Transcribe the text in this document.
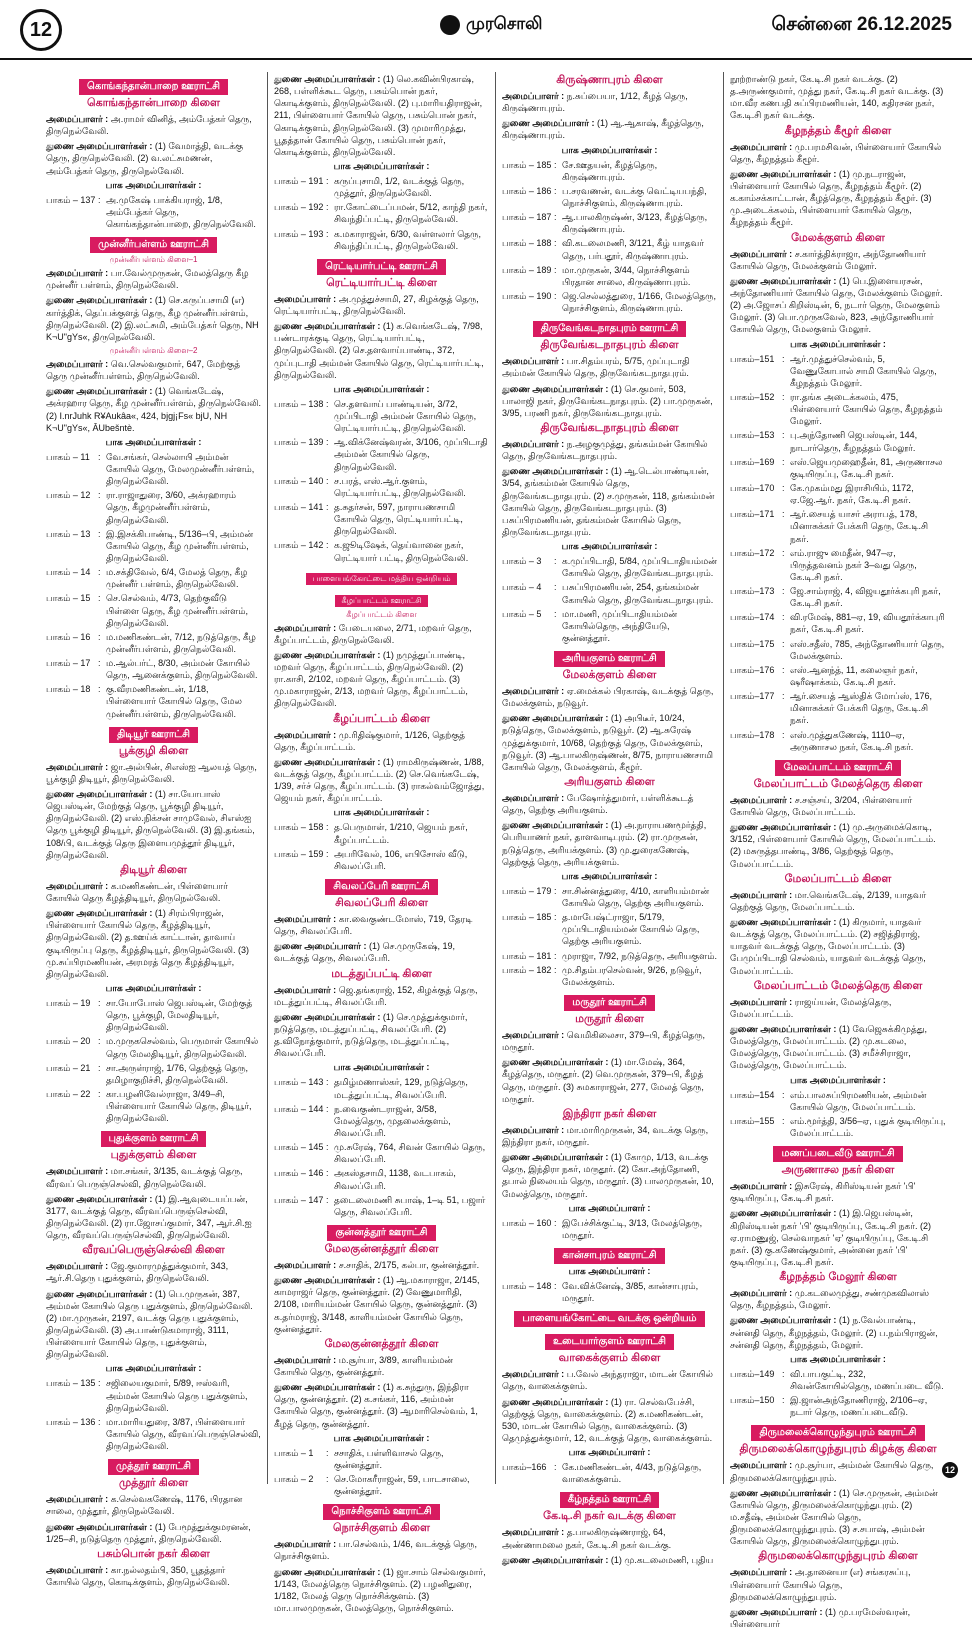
12	முரசொலி	சென்னை 26.12.2025
கொங்கந்தான்பாறை ஊராட்சி
கொங்கந்தான்பாறை கிளை
அமைப்பாளர் : அ.ராமர் வினித், அம்பேத்கர் தெரு, திருநெல்வேலி.
துணை அமைப்பாளர்கள் : (1) வேமாத்தி, வடக்கு தெரு, திருநெல்வேலி. (2) வ.லட்சுமணன், அம்பேத்கர் தெரு, திருநெல்வேலி.
பாக அமைப்பாளர்கள் :
பாகம் – 137 : அ.முகேஷ் பாக்கியராஜ், 1/8, அம்பேத்கர் தெரு, கொங்கந்தான்பாறை, திருநெல்வேலி.
முன்னீர்பள்ளம் ஊராட்சி
முன்னீர்பள்ளம் கிளை–1
அமைப்பாளர் : பா.வேல்முருகன், மேலத்தெரு கீழ முன்னீர் பள்ளம், திருநெல்வேலி.
துணை அமைப்பாளர்கள் : (1) செ.கருப்பசாமி (எ) கார்த்திக், தெப்பக்குளத் தெரு, கீழ முன்னீர்பள்ளம், திருநெல்வேலி. (2) இ.லட்சுமி, அம்பேத்கர் தெரு, NH K¬U"gYs«, திருநெல்வேலி.
முன்னீர்பள்ளம் கிளை–2
அமைப்பாளர் : வெ.செல்வகுமார், 647, மேற்குத் தெரு முன்னீர்பள்ளம், திருநெல்வேலி.
துணை அமைப்பாளர்கள் : (1) வெங்கடேஷ், அக்ரஹார தெரு, கீழ முன்னீர்பள்ளம், திருநெல்வேலி. (2) I.nrJuhk R¥Aukâa«, 424, bjgj¡Fs« bjU, NH K¬U"gYs«, ÂUbešntè.
பாக அமைப்பாளர்கள் :
பாகம் – 11 : வே.சங்கர், செல்லாயி அம்மன் கோயில் தெரு, மேலமுன்னீர்பள்ளம், திருநெல்வேலி.
பாகம் – 12 : ரா.ராஜாதுரை, 3/60, அக்ரஹாரம் தெரு, கீழமுன்னீர்பள்ளம், திருநெல்வேலி.
பாகம் – 13 : இ.இசக்கிபாண்டி, 5/136–பி, அம்மன் கோயில் தெரு, கீழ முன்னீர்பள்ளம், திருநெல்வேலி.
பாகம் – 14 : ம.சக்திவேல், 6/4, மேலத் தெரு, கீழ முன்னீர் பள்ளம், திருநெல்வேலி.
பாகம் – 15 : செ.செல்வம், 4/73, தெற்குவீடு பிள்ளை தெரு, கீழ முன்னீர்பள்ளம், திருநெல்வேலி.
பாகம் – 16 : ம.மணிகண்டன், 7/12, நடுத்தெரு, கீழ முன்னீர்பள்ளம், திருநெல்வேலி.
பாகம் – 17 : ம.ஆல்பர்ட், 8/30, அம்மன் கோயில் தெரு, ஆனைக்குளம், திருநெல்வேலி.
பாகம் – 18 : கு.வீரமணிகண்டன், 1/18, பிள்ளையார் கோயில் தெரு, மேல முன்னீர்பள்ளம், திருநெல்வேலி.
திடியூர் ஊராட்சி
பூக்குழி கிளை
அமைப்பாளர் : ஜா.அல்பின், சிஎஸ்ஐ ஆலயத் தெரு, பூக்குழி திடியூர், திருநெல்வேலி.
துணை அமைப்பாளர்கள் : (1) சா.யோபாஸ் ஜெபஸ்டின், மேற்குத் தெரு, பூக்குழி திடியூர், திருநெல்வேலி. (2) எஸ்.நிக்சன் சாமுவேல், சிஎஸ்ஐ தெரு பூக்குழி திடியூர், திருநெல்வேலி. (3) இ.தங்கம், 108/பி, வடக்குத் தெரு இளையமுத்தூர் திடியூர், திருநெல்வேலி.
திடியூர் கிளை
அமைப்பாளர் : க.மணிகண்டன், பிள்ளையார் கோயில் தெரு கீழத்திடியூர், திருநெல்வேலி.
துணை அமைப்பாளர்கள் : (1) சிரம்பிராஜன், பிள்ளையார் கோயில் தெரு, கீழத்திடியூர், திருநெல்வேலி. (2) த.ஊய்க் காட்டான், தாவாய் குடியிருப்பு தெரு, கீழத்திடியூர், திருநெல்வேலி. (3) மு.சுப்பிரமணியன், அரமரத் தெரு கீழத்திடியூர், திருநெல்வேலி.
பாக அமைப்பாளர்கள் :
பாகம் – 19 : சா.யோபோஸ் ஜெபஸ்டின், மேற்குத் தெரு, பூக்குழி, மேலதிடியூர், திருநெல்வேலி.
பாகம் – 20 : ம.முருகசெல்வம், பெருமாள் கோயில் தெரு மேலதிடியூர், திருநெல்வேலி.
பாகம் – 21 : சா.அருள்ராஜ், 1/76, தெற்குத் தெரு, தமிழாகுறிச்சி, திருநெல்வேலி.
பாகம் – 22 : கா.பழனிவேல்ராஜா, 3/49–சி, பிள்ளையார் கோயில் தெரு, திடியூர், திருநெல்வேலி.
புதுக்குளம் ஊராட்சி
புதுக்குளம் கிளை
அமைப்பாளர் : மா.சங்கர், 3/135, வடக்குத் தெரு, வீரவப் பெருஞ்செல்வி, திருநெல்வேலி.
துணை அமைப்பாளர்கள் : (1) இ.ஆவுடையப்பன், 3177, வடக்குத் தெரு, வீரவப்பெருஞ்செல்வி, திருநெல்வேலி. (2) ரா.ஜோசப்குமார், 347, ஆர்.சி.ஐ தெரு, வீரவப்பெருஞ்செல்வி, திருநெல்வேலி.
வீரவப்பெருஞ்செல்வி கிளை
அமைப்பாளர் : ஜே.குமாரமுத்துக்குமார், 343, ஆர்.சி.தெரு புதுக்குளம், திருநெல்வேலி.
துணை அமைப்பாளர்கள் : (1) பெ.முருகன், 387, அம்மன் கோயில் தெரு புதுக்குளம், திருநெல்வேலி. (2) மா.முருகன், 2197, வடக்கு தெரு புதுக்குளம், திருநெல்வேலி. (3) அ.பாண்டுகமாராஜ், 3111, பிள்ளையார் கோயில் தெரு, புதுக்குளம், திருநெல்வேலி.
பாக அமைப்பாளர்கள் :
பாகம் – 135 : சஜிலையகுமார், 5/89, ஈஸ்வரி, அம்மன் கோயில் தெரு புதுக்குளம், திருநெல்வேலி.
பாகம் – 136 : மா.மாரியதுரை, 3/87, பிள்ளையார் கோயில் தெரு, வீரவப்பெருஞ்செல்வி, திருநெல்வேலி.
முத்தூர் ஊராட்சி
முத்தூர் கிளை
அமைப்பாளர் : க.செல்வகணேஷ், 1176, பிரதான சாலை, முத்தூர், திருநெல்வேலி.
துணை அமைப்பாளர்கள் : (1) பேமூத்துக்குமரனன், 1/25–சி, நடுத்தெரு முத்தூர், திருநெல்வேலி.
பசும்பொன் நகர் கிளை
அமைப்பாளர் : கா.நல்லதம்பி, 350, பூதத்தார் கோயில் தெரு, கொடிக்குளம், திருநெல்வேலி.
துணை அமைப்பாளர்கள் : (1) லெ.கவின்பிரகாஷ், 268, பள்ளிக்கூட தெரு, பசும்பொன் நகர், கொடிக்குளம், திருநெல்வேலி. (2) பு.மாரியதிராஜன், 211, பிள்ளையார் கோயில் தெரு, பசும்பொன் நகர், கொடிக்குளம், திருநெல்வேலி. (3) முமாரிமுத்து, பூதத்தான் கோயில் தெரு, பசும்பொன் நகர், கொடிக்குளம், திருநெல்வேலி.
பாக அமைப்பாளர்கள் :
பாகம் – 191 : கருப்புசாமி, 1/2, வடக்குத் தெரு, முத்தூர், திருநெல்வேலி.
பாகம் – 192 : ரா.கோட்டைப்பமன், 5/12, காந்தி நகர், சிவந்திப்பட்டி, திருநெல்வேலி.
பாகம் – 193 : க.மகாராஜன், 6/30, வள்ளலார் தெரு, சிவந்திப்பட்டி, திருநெல்வேலி.
ரெட்டியார்பட்டி ஊராட்சி
ரெட்டியார்பட்டி கிளை
அமைப்பாளர் : அ.முத்துச்சாமி, 27, கிழக்குத் தெரு, ரெட்டியார்பட்டி, திருநெல்வேலி.
துணை அமைப்பாளர்கள் : (1) க.வெங்கடேஷ், 7/98, பண்டாரக்குடி தெரு, ரெட்டியார்பட்டி, திருநெல்வேலி. (2) செ.தளவாய்பாண்டி, 372, முப்புடாதி அம்மன் கோயில் தெரு, ரெட்டியார்பட்டி, திருநெல்வேலி.
பாக அமைப்பாளர்கள் :
பாகம் – 138 : செ.தளவாய் பாண்டியன், 3/72, முப்பிடாதி அம்மன் கோயில் தெரு, ரெட்டியார்பட்டி, திருநெல்வேலி.
பாகம் – 139 : ஆ.விக்னேஷ்வரன், 3/106, முப்பிடாதி அம்மன் கோயில் தெரு, திருநெல்வேலி.
பாகம் – 140 : ச.பரத், எஸ்.ஆர்.குளம், ரெட்டியார்பட்டி, திருநெல்வேலி.
பாகம் – 141 : த.சுதர்சன், 597, நாராயணசாமி கோயில் தெரு, ரெட்டியார்பட்டி, திருநெல்வேலி.
பாகம் – 142 : க.ஜூடிஷேக், தெய்வானை நகர், ரெட்டியார் பட்டி, திருநெல்வேலி.
பாளையங்கோட்டை மத்திய ஒன்றியம்
கீழப்பாட்டம் ஊராட்சி
கீழப்பாட்டம் கிளை
அமைப்பாளர் : பேடையலை, 2/71, மறவர் தெரு, கீழப்பாட்டம், திருநெல்வேலி.
துணை அமைப்பாளர்கள் : (1) நமுத்துப்பாண்டி, மறவர் தெரு, கீழப்பாட்டம், திருநெல்வேலி. (2) ரா.காசி, 2/102, மறவர் தெரு, கீழப்பாட்டம். (3) மு.மகாராஜன், 2/13, மறவர் தெரு, கீழப்பாட்டம், திருநெல்வேலி.
கீழப்பாட்டம் கிளை
அமைப்பாளர் : மு.ரிதிஷ்குமார், 1/126, தெற்குத் தெரு, கீழப்பாட்டம்.
துணை அமைப்பாளர்கள் : (1) ராமகிருஷ்ணன், 1/88, வடக்குத் தெரு, கீழப்பாட்டம். (2) செ.வெங்கடேஷ், 1/39, சர்ச் தெரு, கீழப்பாட்டம். (3) ராகல்வம்ஜோத்து, ஜெயம் நகர், கீழப்பாட்டம்.
பாக அமைப்பாளர்கள் :
பாகம் – 158 : த.பெருமாள், 1/210, ஜெயம் நகர், கீழப்பாட்டம்.
பாகம் – 159 : அபரிவேல், 106, எபிசோஸ் வீடு, சிவலப்பேரி.
சிவலப்பேரி ஊராட்சி
சிவலப்பேரி கிளை
அமைப்பாளர் : கா.வைகுண்டமோஸ், 719, தேரடி தெரு, சிவலப்பேரி.
துணை அமைப்பாளர் : (1) செ.முருகேஷ், 19, வடக்குத் தெரு, சிவலப்பேரி.
மடத்துப்பட்டி கிளை
அமைப்பாளர் : ஜெ.தங்கராஜ், 152, கிழக்குத் தெரு, மடத்துப்பட்டி, சிவலப்பேரி.
துணை அமைப்பாளர்கள் : (1) செ.முத்துக்குமார், நடுத்தெரு, மடத்துப்பட்டி, சிவலப்பேரி. (2) த.விநோத்குமார், நடுத்தெரு, மடத்துப்பட்டி, சிவலப்பேரி.
பாக அமைப்பாளர்கள் :
பாகம் – 143 : தமிழ்மணாஸ்கர், 129, நடுத்தெரு, மடத்துப்பட்டி, சிவலப்பேரி.
பாகம் – 144 : ந.வைகுண்டராஜன், 3/58, மேலத்தெரு, முதலைக்குளம், சிவலப்பேரி.
பாகம் – 145 : மு.சுரேஷ், 764, சிவன் கோயில் தெரு, சிவலப்பேரி.
பாகம் – 146 : அகஸ்தசாமி, 1138, வடபாகம், சிவலப்பேரி.
பாகம் – 147 : தடைலைமணி சுபாஷ், 1–டி 51, பஜார் தெரு, சிவலப்பேரி.
குன்னத்தூர் ஊராட்சி
மேலகுன்னத்தூர் கிளை
அமைப்பாளர் : ச.சாதிக், 2/175, கல்பா, குன்னத்தூர்.
துணை அமைப்பாளர்கள் : (1) ஆ.மகாராஜா, 2/145, காமராஜர் தெரு, குன்னத்தூர். (2) வேணுமாரிதி, 2/108, மாரியம்மன் கோயில் தெரு, குன்னத்தூர். (3) க.தர்மராஜ், 3/148, காளியம்மன் கோயில் தெரு, குன்னத்தூர்.
மேலகுன்னத்தூர் கிளை
அமைப்பாளர் : ம.சூர்யா, 3/89, காளியம்மன் கோயில் தெரு, குன்னத்தூர்.
துணை அமைப்பாளர்கள் : (1) க.சுந்துரு, இந்திரா தெரு, குன்னத்தூர். (2) க.சங்கர், 116, அம்மன் கோயில் தெரு, குன்னத்தூர். (3) ஆமாரிசெல்வம், 1, கீழத் தெரு, குன்னத்தூர்.
பாக அமைப்பாளர்கள் :
பாகம் – 1	: சசாதிக், பள்ளிவாசல் தெரு, குன்னத்தூர்.
பாகம் – 2	: செ.மோகரீராஜன், 59, பாடசாலை, குன்னத்தூர்.
நொச்சிகுளம் ஊராட்சி
நொச்சிகுளம் கிளை
அமைப்பாளர் : பா.செல்வம், 1/46, வடக்குத் தெரு, நொச்சிகுளம்.
துணை அமைப்பாளர்கள் : (1) ஜா.சாம் செல்வகுமார், 1/143, மேலத்தெரு நொச்சிகுளம். (2) பழனிதுரை, 1/182, மேலத் தெரு நொச்சிக்குளம். (3) மா.பாலமுருகன், மேலத்தெரு, நொச்சிகுளம்.
கிருஷ்ணாபுரம் கிளை
அமைப்பாளர் : ந.சுப்பையா, 1/12, கீழத் தெரு, கிருஷ்ணாபுரம்.
துணை அமைப்பாளர் : (1) ஆ.ஆகாஷ், கீழத்தெரு, கிருஷ்ணாபுரம்.
பாக அமைப்பாளர்கள் :
பாகம் – 185 : சே.ஊதயன், கீழத்தெரு, கிருஷ்ணாபுரம்.
பாகம் – 186 : ப.சரவணன், வடக்கு வெட்டியபந்தி, நொச்சிகுளம், கிருஷ்ணாபுரம்.
பாகம் – 187 : ஆ.பாலகிருஷ்ண், 3/123, கீழத்தெரு, கிருஷ்ணாபுரம்.
பாகம் – 188 : வி.கடலைமணி, 3/121, கீழ் யாதவர் தெரு, பர்பதூர், கிருஷ்ணாபுரம்.
பாகம் – 189 : மா.முருகன், 3/44, நொச்சிகுளம் பிரதான சாலை, கிருஷ்ணாபுரம்.
பாகம் – 190 : ஜெ.செல்லத்துரை, 1/166, மேலத்தெரு, நொச்சிகுளம், கிருஷ்ணாபுரம்.
திருவேங்கடநாதபுரம் ஊராட்சி
திருவேங்கடநாதபுரம் கிளை
அமைப்பாளர் : பா.சிதம்பரம், 5/75, முப்புடாதி அம்மன் கோயில் தெரு, திருவேங்கடநாதபுரம்.
துணை அமைப்பாளர்கள் : (1) செ.குமார், 503, பாலாஜி நகர், திருவேங்கடநாதபுரம். (2) பா.முருகன், 3/95, பரணி நகர், திருவேங்கடநாதபுரம்.
திருவேங்கடநாதபுரம் கிளை
அமைப்பாளர் : ந.அழகுமுத்து, தங்கம்மன் கோயில் தெரு, திருவேங்கடநாதபுரம்.
துணை அமைப்பாளர்கள் : (1) ஆ.டெல்பாண்டியன், 3/54, தங்கம்மன் கோயில் தெரு, திருவேங்கடநாதபுரம். (2) ச.முருகன், 118, தங்கம்மன் கோயில் தெரு, திருவேங்கடநாதபுரம். (3) பசுப்பிரமணியன், தங்கம்மன் கோயில் தெரு, திருவேங்கடநாதபுரம்.
பாக அமைப்பாளர்கள் :
பாகம் – 3	: க.முப்பிடாதி, 5/84, முப்பிடாதியம்மன் கோயில் தெரு, திருவேங்கடநாதபுரம்.
பாகம் – 4	: பசுப்பிரமணியன், 254, தங்கம்மன் கோயில் தெரு, திருவேங்கடநாதபுரம்.
பாகம் – 5	: மா.மணி, முப்பிடாதியம்மன் கோயில்தெரு, அந்தியேடு, குன்னத்தூர்.
அரியகுளம் ஊராட்சி
மேலக்குளம் கிளை
அமைப்பாளர் : ஏ.மைக்கல் பிரகாஷ், வடக்குத் தெரு, மேலக்குளம், நடுவூர்.
துணை அமைப்பாளர்கள் : (1) அபிடீர், 10/24, நடுத்தெரு, மேலக்குளம், நடுவூர். (2) ஆ.சுரேஷ் முத்துக்குமார், 10/68, தெற்குத் தெரு, மேலக்குளம், நடுவூர். (3) ஆ.பாலகிருஷ்ணன், 8/75, நாராயணசாமி கோயில் தெரு, மேலக்குளம், கீழூர்.
அரியகுளம் கிளை
அமைப்பாளர் : பேஷோர்த்துமார், பள்ளிக்கூடத் தெரு, தெற்கு அரியகுளம்.
துணை அமைப்பாளர்கள் : (1) அ.நாராயணமூர்த்தி, பெரியாணர் நகர், தாளவாடிபுரம். (2) ரா.முருகன், நடுத்தெரு, அரியக்குளம். (3) மு.துரைகணேஷ், தெற்குத் தெரு, அரியக்குளம்.
பாக அமைப்பாளர்கள் :
பாகம் – 179 : சா.சின்னத்துரை, 4/10, காளியம்மான் கோயில் தெரு, தெற்கு அரியகுளம்.
பாகம் – 185 : த.மாபேஷ்ட்ராஜா, 5/179, முப்பிடாதியம்மன் கோயில் தெரு, தெற்கு அரியகுளம்.
பாகம் – 181 : முராஜா, 7/92, நடுத்தெரு, அரியகுளம்.
பாகம் – 182 : மு.சிதம்பரசெல்வன், 9/26, நடுவூர், மேலக்குளம்.
மருதூர் ஊராட்சி
மருதூர் கிளை
அமைப்பாளர் : வெமிகிலைசா, 379–பி, கீழத்தெரு, மருதூர்.
துணை அமைப்பாளர்கள் : (1) மா.மேஷ், 364, கீழத்தெரு, மருதூர். (2) வெ.முருகன், 379–பி, கீழத் தெரு, மருதூர். (3) சுமகாராஜன், 277, மேலத் தெரு, மருதூர்.
இந்திரா நகர் கிளை
அமைப்பாளர் : மா.மாரிமுருகன், 34, வடக்கு தெரு, இந்திரா நகர், மருதூர்.
துணை அமைப்பாளர்கள் : (1) கோமு, 1/13, வடக்கு தெரு, இந்திரா நகர், மருதூர். (2) கோ.அந்தோணி, தபால் நிலையம் தெரு, மருதூர். (3) பாலமுருகன், 10, மேலத்தெரு, மருதூர்.
பாக அமைப்பாளர் :
பாகம் – 160 : இபேச்சிக்குட்டி, 3/13, மேலத்தெரு, மருதூர்.
கான்சாபுரம் ஊராட்சி
பாக அமைப்பாளர் :
பாகம் – 148 : வே.விக்னேஷ், 3/85, கான்சாபுரம், மருதூர்.
பாளையங்கோட்டை வடக்கு ஒன்றியம்
உடையார்குளம் ஊராட்சி
வாகைக்குளம் கிளை
அமைப்பாளர் : ப.வேல் அந்தராஜா, மாடன் கோயில் தெரு, வாகைக்குளம்.
துணை அமைப்பாளர்கள் : (1) ரா. செல்வபேச்சி, தெற்குத் தெரு, வாகைக்குளம். (2) க.மணிகண்டன், 530, மாடன் கோயில் தெரு, வாகைக்குளம். (3) தெமுத்துக்குமார், 12, வடக்குத் தெரு, வாகைக்குளம்.
பாக அமைப்பாளர் :
பாகம்–166 : கே.மணிகண்டன், 4/43, நடுத்தெரு, வாகைக்குளம்.
கீழ்நத்தம் ஊராட்சி
கே.டி.சி நகர் வடக்கு கிளை
அமைப்பாளர் : த.பாலகிருஷ்ணராஜ், 64, அண்ணாமலை நகர், கே.டி.சி நகர் வடக்கு.
துணை அமைப்பாளர்கள் : (1) மு.கடலைமணி, புதிய
நூற்றாண்டு நகர், கே.டி.சி நகர் வடக்கு. (2) த.அருண்குமார், முத்து நகர், கே.டி.சி நகர் வடக்கு. (3) மா.வீர கணபதி சுப்பிரமணியன், 140, கதிரசன நகர், கே.டி.சி நகர் வடக்கு.
கீழநத்தம் கீழூர் கிளை
அமைப்பாளர் : மு.பரமசிவன், பிள்ளையார் கோயில் தெரு, கீழநத்தம் கீழூர்.
துணை அமைப்பாளர்கள் : (1) மு.நடராஜன், பிள்ளையார் கோயில் தெரு, கீழநத்தம் கீழூர். (2) க.காம்சக்காட்டான், கீழத்தெரு, கீழநத்தம் கீழூர். (3) மு.அடைக்கலம், பிள்ளையார் கோயில் தெரு, கீழநத்தம் கீழூர்.
மேலக்குளம் கிளை
அமைப்பாளர் : ச.கார்த்திக்ராஜா, அந்தோணியார் கோயில் தெரு, மேலக்குளம் மேலூர்.
துணை அமைப்பாளர்கள் : (1) பெ.இளையரசன், அந்தோணியார் கோயில் தெரு, மேலக்குளம் மேலூர். (2) அ.ஜோசப் கிறிஸ்டின், 6, நடார் தெரு, மேலகுளம் மேலூர். (3) பொ.முருகவேல், 823, அந்தோணியார் கோயில் தெரு, மேலகுளம் மேலூர்.
பாக அமைப்பாளர்கள் :
பாகம்–151 : ஆர்.முத்துச்செல்வம், 5, வேணுகோபால் சாமி கோயில் தெரு, கீழநத்தம் மேலூர்.
பாகம்–152 : ரா.தங்க அடைக்கலம், 475, பிள்ளையார் கோயில் தெரு, கீழநத்தம் மேலூர்.
பாகம்–153 : பு.அந்தோணி ஜெபஸ்டின், 144, நாடார்தெரு, கீழநத்தம் மேலூர்.
பாகம்–169 : எஸ்.ஜெயமுஹைதீன், 81, அருணாசல குடியிருப்பு, கே.டி.சி நகர்.
பாகம்–170 : கே.முகம்மது இராசியிம், 1172, ஏ.ஜே.ஆர். நகர், கே.டி.சி நகர்.
பாகம்–171 : ஆர்.சையத் யாசர் அராபத், 178, மினாசுக்கர் பேக்கரி தெரு, கே.டி.சி நகர்.
பாகம்–172 : எம்.ராஜு மைதீன், 947–ஏ, பிருத்தவனம் நகர் 3–வது தெரு, கே.டி.சி நகர்.
பாகம்–173 : ஜே.சாம்ராஜ், 4, விஜயதூர்க்கபுரி நகர், கே.டி.சி நகர்.
பாகம்–174 : வி.ரமேஷ், 881–ஏ, 19, வியதூர்க்காபுரி நகர், கே.டி.சி நகர்.
பாகம்–175 : எஸ்.சதீஸ், 785, அந்தோணியார் தெரு, மேலக்குளம்.
பாகம்–176 : எஸ்.ஆனந்த், 11, கலைஞர் நகர், ஷரீஷாக்கம், கே.டி.சி நகர்.
பாகம்–177 : ஆர்.சையத் ஆஸ்திக் மோப்ஸ், 176, மினாசுக்கர் பேக்கரி தெரு, கே.டி.சி நகர்.
பாகம்–178 : எஸ்.முத்துகணேஷ், 1110–ஏ, அருணாசல நகர், கே.டி.சி நகர்.
மேலப்பாட்டம் ஊராட்சி
மேலப்பாட்டம் மேலத்தெரு கிளை
அமைப்பாளர் : ச.சஞ்சய், 3/204, பிள்ளையார் கோயில் தெரு, மேலப்பாட்டம்.
துணை அமைப்பாளர்கள் : (1) மு.அருமைக்கொடி, 3/152, பிள்ளையார் கோயில் தெரு, மேலப்பாட்டம். (2) மசுருத்தபாண்டி, 3/86, தெற்குத் தெரு, மேலப்பாட்டம்.
மேலப்பாட்டம் கிளை
அமைப்பாளர் : மா.வெங்கடேஷ், 2/139, யாதவர் தெற்குத் தெரு, மேலப்பாட்டம்.
துணை அமைப்பாளர்கள் : (1) கிருமார், யாதவர் வடக்குத் தெரு, மேலப்பாட்டம். (2) சஜித்திராஜ், யாதவர் வடக்குத் தெரு, மேலப்பாட்டம். (3) பேமுப்பிடாதி செல்வம், யாதவர் வடக்குத் தெரு, மேலப்பாட்டம்.
மேலப்பாட்டம் மேலத்தெரு கிளை
அமைப்பாளர் : ராஜய்யன், மேலத்தெரு, மேலப்பாட்டம்.
துணை அமைப்பாளர்கள் : (1) வேஜெசுக்கிமுத்து, மேலத்தெரு, மேலப்பாட்டம். (2) மு.கடலை, மேலத்தெரு, மேலப்பாட்டம். (3) சமீச்சிராஜா, மேலத்தெரு, மேலப்பாட்டம்.
பாக அமைப்பாளர்கள் :
பாகம்–154 : எம்.பாலசுப்பிரமணியன், அம்மன் கோயில் தெரு, மேலப்பாட்டம்.
பாகம்–155 : எம்.மூர்த்தி, 3/56–ஏ, புதுக் குடியிருப்பு, மேலப்பாட்டம்.
மணப்படைவீடு ஊராட்சி
அருணாசல நகர் கிளை
அமைப்பாளர் : இசுரேஷ், கிரிஸ்டியன் நகர் 'பி' குடியிருப்பு, கே.டி.சி நகர்.
துணை அமைப்பாளர்கள் : (1) இ.ஜெபஸ்டின், கிறிஸ்டியன் நகர் 'பி' குடியிருப்பு, கே.டி.சி நகர். (2) ஏ.ராமணுஜ், செல்வாநகர் 'ஏ' குடியிருப்பு, கே.டி.சி நகர். (3) கு.கணேஷ்குமார், அன்னை நகர் 'பி' குடியிருப்பு, கே.டி.சி நகர்.
கீழநத்தம் மேலூர் கிளை
அமைப்பாளர் : மு.கடலைமுத்து, சண்முகவிலாஸ் தெரு, கீழநத்தம், மேலூர்.
துணை அமைப்பாளர்கள் : (1) ந.வேல்பாண்டி, சன்னதி தெரு, கீழநத்தம், மேலூர். (2) ப.நம்பிராஜன், சன்னதி தெரு, கீழநத்தம், மேலூர்.
பாக அமைப்பாளர்கள் :
பாகம்–149 : வி.பாபகுட்டி, 232, சிவன்கோயில்தெரு, மணப்படை வீடு.
பாகம்–150 : இ.ஜான்அந்தோணிராஜ், 2/106–ஏ, நடார் தெரு, மணப்படைவீடு.
திருமலைக்கொழுந்துபுரம் ஊராட்சி
திருமலைக்கொழுந்துபுரம் கிழக்கு கிளை
அமைப்பாளர் : மு.சூர்யா, அம்மன் கோயில் தெரு, திருமலைக்கொழுந்துபுரம்.
துணை அமைப்பாளர்கள் : (1) செ.முருகன், அம்மன் கோயில் தெரு, திருமலைக்கொழுந்துபுரம். (2) ம.சதீஷ், அம்மன் கோயில் தெரு, திருமலைக்கொழுந்துபுரம். (3) ச.சபாஷ், அம்மன் கோயில் தெரு, திருமலைக்கொழுந்துபுரம்.
திருமலைக்கொழுந்துபுரம் கிளை
அமைப்பாளர் : அ.தானையா (எ) சங்கரசுப்பு, பிள்ளையார் கோயில் தெரு, திருமலைக்கொழுந்துபுரம்.
துணை அமைப்பாளர் : (1) மு.பரமேஸ்வரன், பிள்ளையார்
12
